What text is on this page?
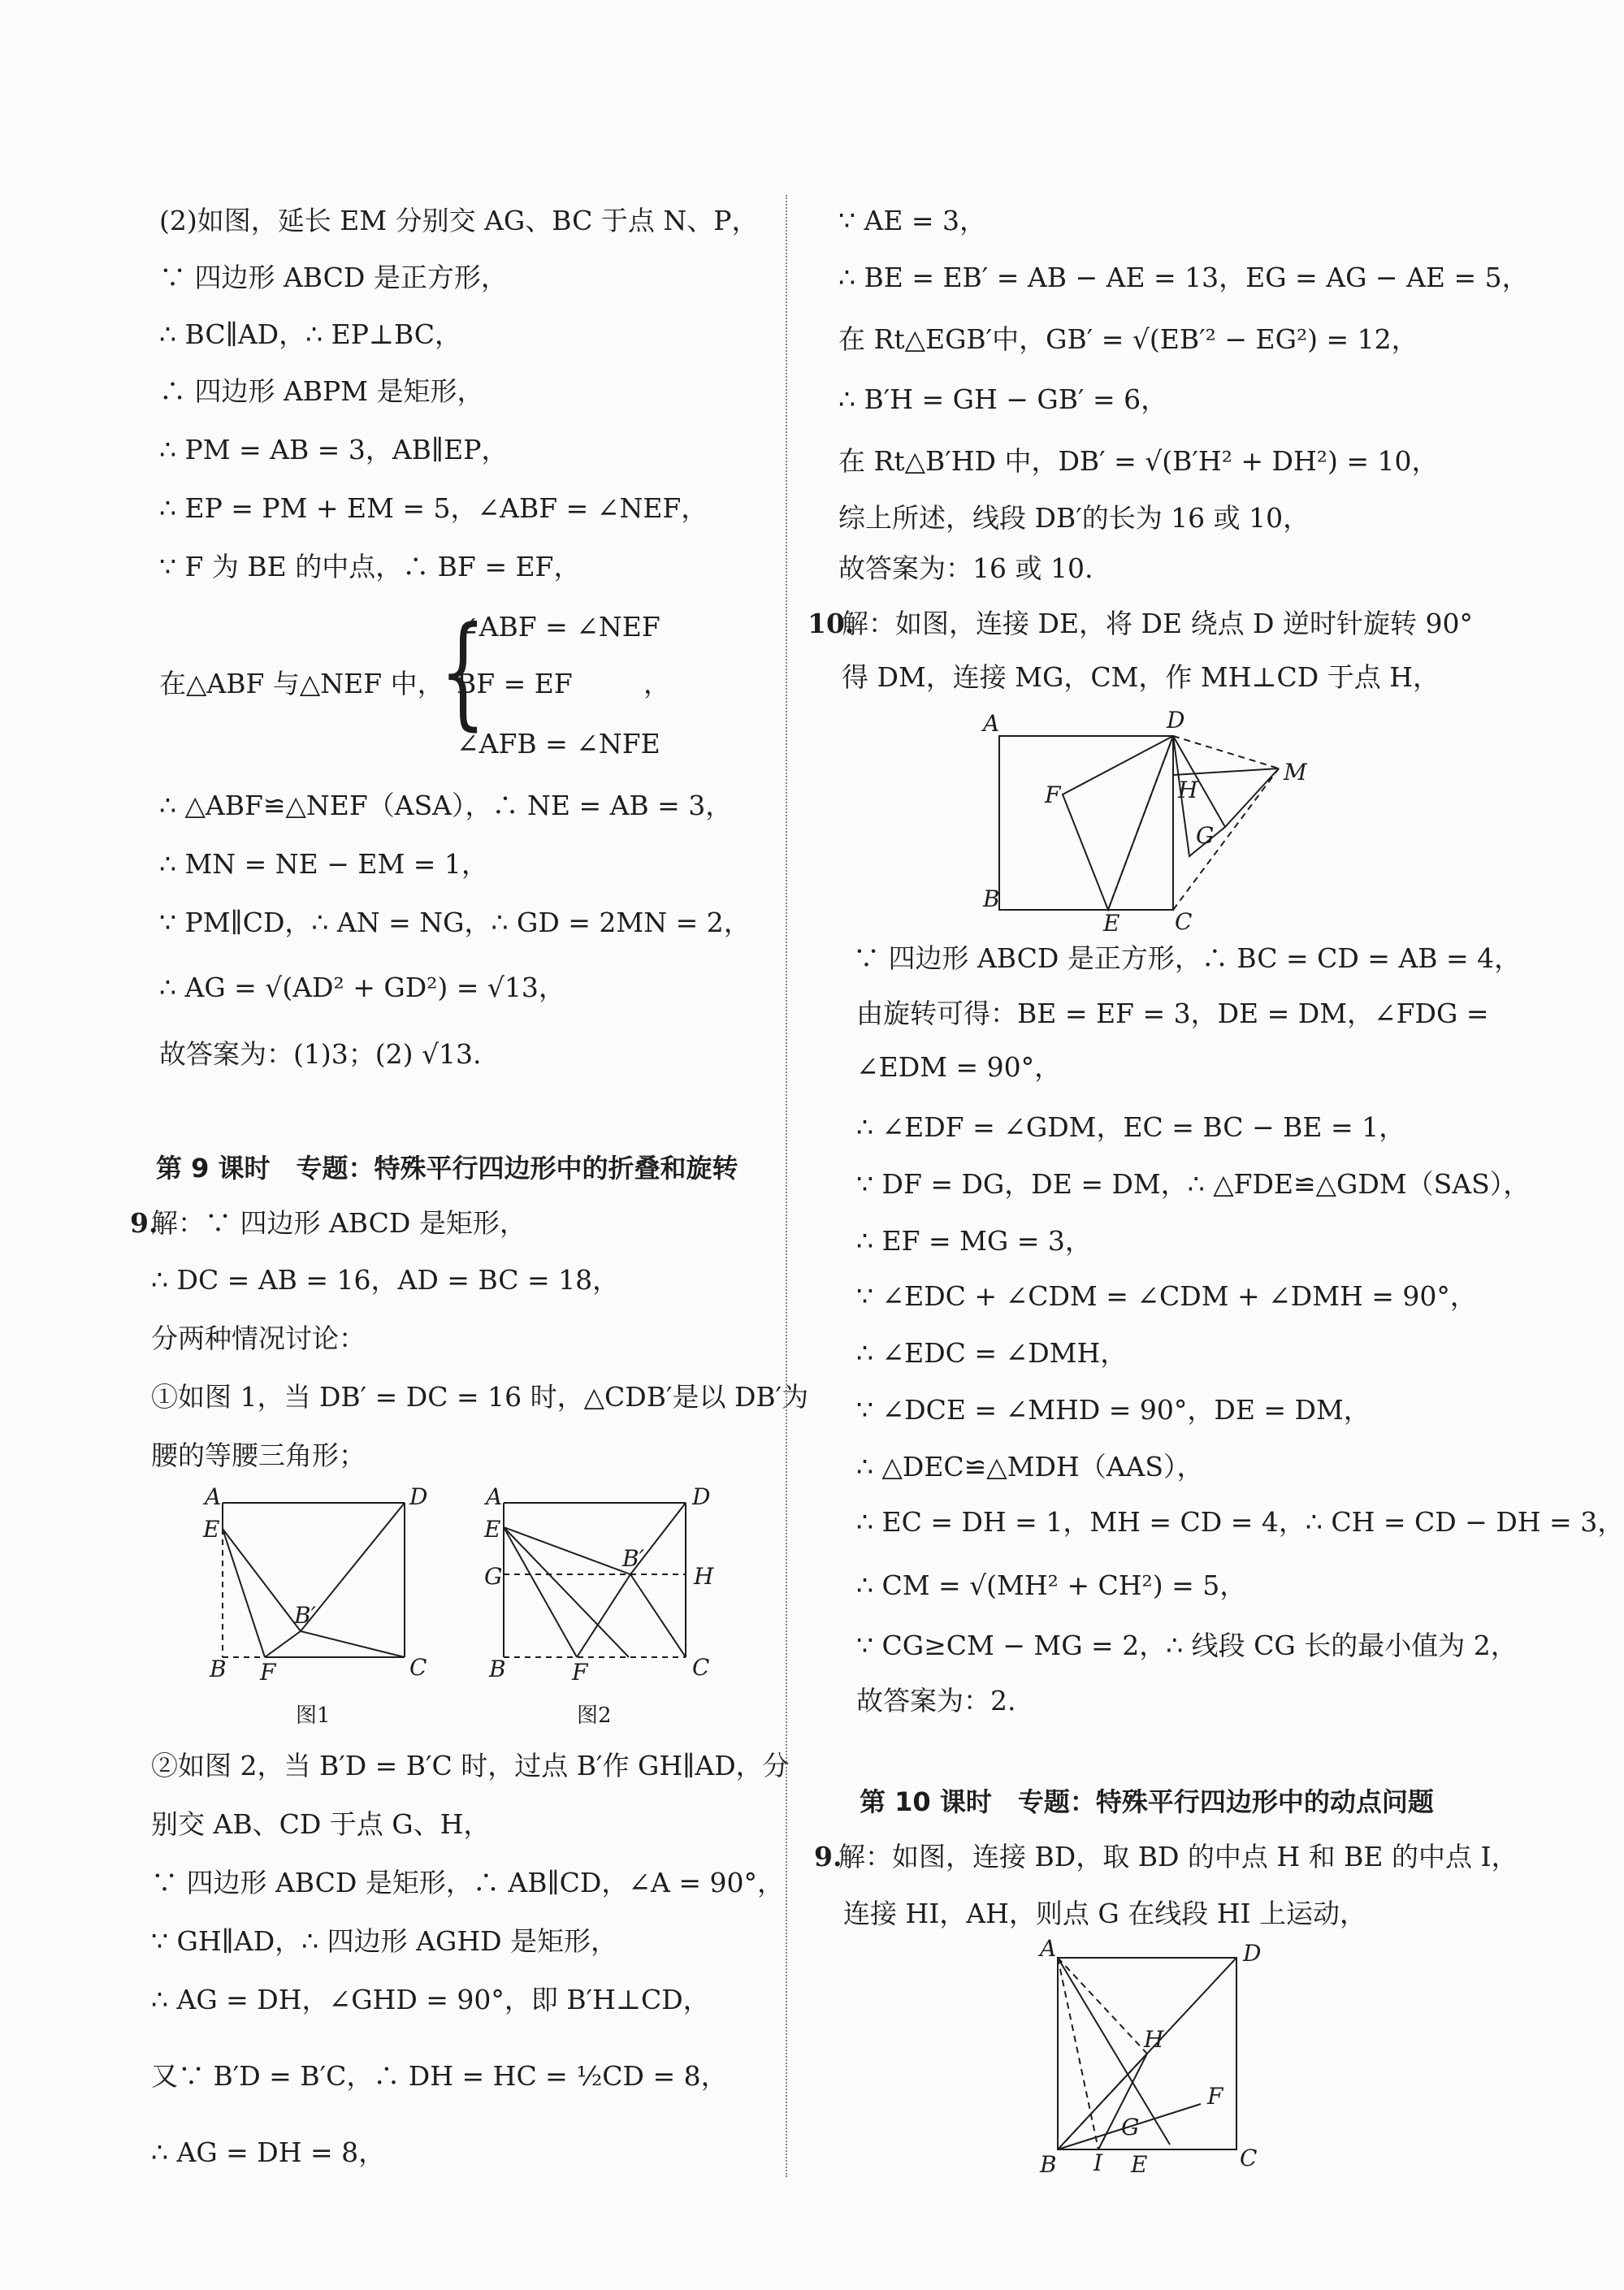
(2)如图，延长 EM 分别交 AG、BC 于点 N、P，
∵ 四边形 ABCD 是正方形，
∴ BC∥AD，∴ EP⊥BC，
∴ 四边形 ABPM 是矩形，
∴ PM = AB = 3，AB∥EP，
∴ EP = PM + EM = 5，∠ABF = ∠NEF，
∵ F 为 BE 的中点，∴ BF = EF，
在△ABF 与△NEF 中，
{
∠ABF = ∠NEF
BF = EF
∠AFB = ∠NFE
，
∴ △ABF≌△NEF（ASA），∴ NE = AB = 3，
∴ MN = NE − EM = 1，
∵ PM∥CD，∴ AN = NG，∴ GD = 2MN = 2，
∴ AG = √(AD² + GD²) = √13，
故答案为：(1)3；(2) √13.
第 9 课时　专题：特殊平行四边形中的折叠和旋转
9.
解：∵ 四边形 ABCD 是矩形，
∴ DC = AB = 16，AD = BC = 18，
分两种情况讨论：
①如图 1，当 DB′ = DC = 16 时，△CDB′是以 DB′为
腰的等腰三角形；
A	D
E
B F	C
B′
图1
A	D
E
G	H
B′
B	F	C
图2
②如图 2，当 B′D = B′C 时，过点 B′作 GH∥AD，分
别交 AB、CD 于点 G、H，
∵ 四边形 ABCD 是矩形，∴ AB∥CD，∠A = 90°，
∵ GH∥AD，∴ 四边形 AGHD 是矩形，
∴ AG = DH，∠GHD = 90°，即 B′H⊥CD，
又∵ B′D = B′C，∴ DH = HC = ½CD = 8，
∴ AG = DH = 8，
∵ AE = 3，
∴ BE = EB′ = AB − AE = 13，EG = AG − AE = 5，
在 Rt△EGB′中，GB′ = √(EB′² − EG²) = 12，
∴ B′H = GH − GB′ = 6，
在 Rt△B′HD 中，DB′ = √(B′H² + DH²) = 10，
综上所述，线段 DB′的长为 16 或 10，
故答案为：16 或 10.
10.
解：如图，连接 DE，将 DE 绕点 D 逆时针旋转 90°
得 DM，连接 MG，CM，作 MH⊥CD 于点 H，
A	D
M
H
F
G
B
E C
∵ 四边形 ABCD 是正方形，∴ BC = CD = AB = 4，
由旋转可得：BE = EF = 3，DE = DM，∠FDG =
∠EDM = 90°，
∴ ∠EDF = ∠GDM，EC = BC − BE = 1，
∵ DF = DG，DE = DM，∴ △FDE≌△GDM（SAS），
∴ EF = MG = 3，
∵ ∠EDC + ∠CDM = ∠CDM + ∠DMH = 90°，
∴ ∠EDC = ∠DMH，
∵ ∠DCE = ∠MHD = 90°，DE = DM，
∴ △DEC≌△MDH（AAS），
∴ EC = DH = 1，MH = CD = 4，∴ CH = CD − DH = 3，
∴ CM = √(MH² + CH²) = 5，
∵ CG≥CM − MG = 2，∴ 线段 CG 长的最小值为 2，
故答案为：2.
第 10 课时　专题：特殊平行四边形中的动点问题
9.
解：如图，连接 BD，取 BD 的中点 H 和 BE 的中点 I，
连接 HI，AH，则点 G 在线段 HI 上运动，
A	D
H
F
G
B I E	C
